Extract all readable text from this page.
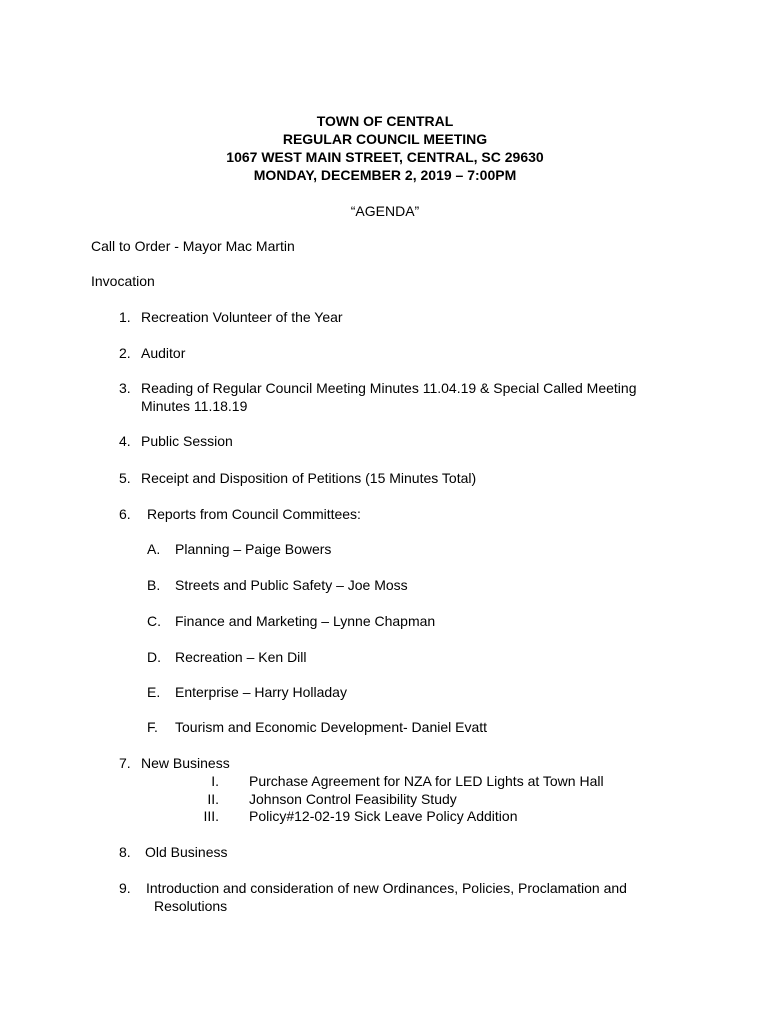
TOWN OF CENTRAL
REGULAR COUNCIL MEETING
1067 WEST MAIN STREET, CENTRAL, SC 29630
MONDAY, DECEMBER 2, 2019 – 7:00PM
“AGENDA”
Call to Order - Mayor Mac Martin
Invocation
1. Recreation Volunteer of the Year
2. Auditor
3. Reading of Regular Council Meeting Minutes 11.04.19 & Special Called Meeting
Minutes 11.18.19
4. Public Session
5. Receipt and Disposition of Petitions (15 Minutes Total)
6. Reports from Council Committees:
A. Planning – Paige Bowers
B. Streets and Public Safety – Joe Moss
C. Finance and Marketing – Lynne Chapman
D. Recreation – Ken Dill
E. Enterprise – Harry Holladay
F. Tourism and Economic Development- Daniel Evatt
7. New Business
I. Purchase Agreement for NZA for LED Lights at Town Hall
II. Johnson Control Feasibility Study
III. Policy#12-02-19 Sick Leave Policy Addition
8. Old Business
9. Introduction and consideration of new Ordinances, Policies, Proclamation and
Resolutions
